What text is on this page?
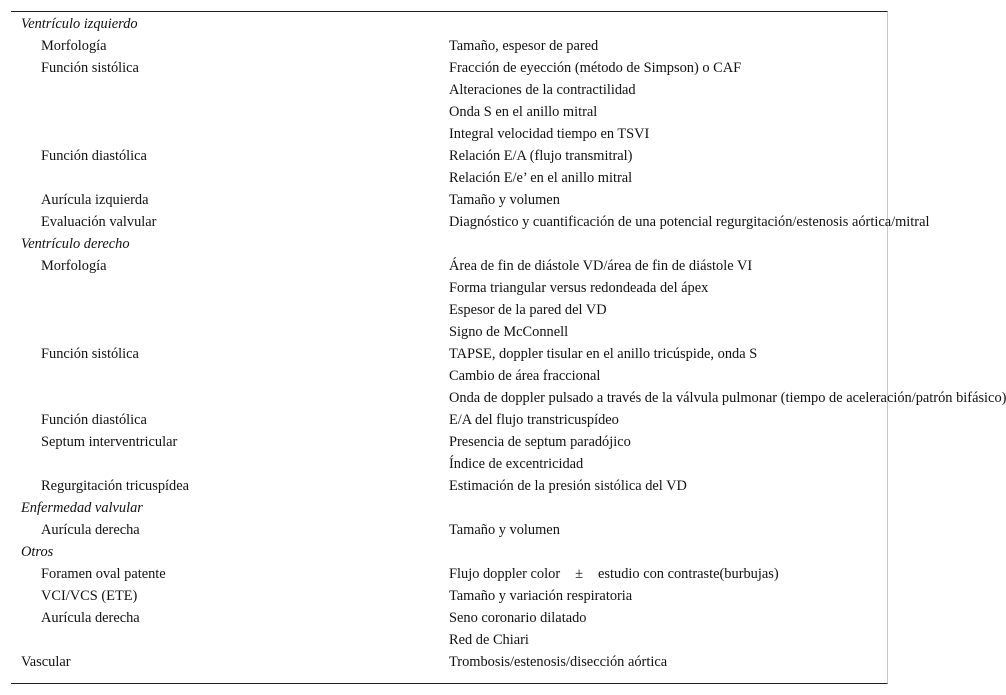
Ventrículo izquierdo	
Morfología	Tamaño, espesor de pared
Función sistólica	Fracción de eyección (método de Simpson) o CAF
	Alteraciones de la contractilidad
	Onda S en el anillo mitral
	Integral velocidad tiempo en TSVI
Función diastólica	Relación E/A (flujo transmitral)
	Relación E/e’ en el anillo mitral
Aurícula izquierda	Tamaño y volumen
Evaluación valvular	Diagnóstico y cuantificación de una potencial regurgitación/estenosis aórtica/mitral
Ventrículo derecho	
Morfología	Área de fin de diástole VD/área de fin de diástole VI
	Forma triangular versus redondeada del ápex
	Espesor de la pared del VD
	Signo de McConnell
Función sistólica	TAPSE, doppler tisular en el anillo tricúspide, onda S
	Cambio de área fraccional
	Onda de doppler pulsado a través de la válvula pulmonar (tiempo de aceleración/patrón bifásico)
Función diastólica	E/A del flujo transtricuspídeo
Septum interventricular	Presencia de septum paradójico
	Índice de excentricidad
Regurgitación tricuspídea	Estimación de la presión sistólica del VD
Enfermedad valvular	
Aurícula derecha	Tamaño y volumen
Otros	
Foramen oval patente	Flujo doppler color ± estudio con contraste(burbujas)
VCI/VCS (ETE)	Tamaño y variación respiratoria
Aurícula derecha	Seno coronario dilatado
	Red de Chiari
Vascular	Trombosis/estenosis/disección aórtica
